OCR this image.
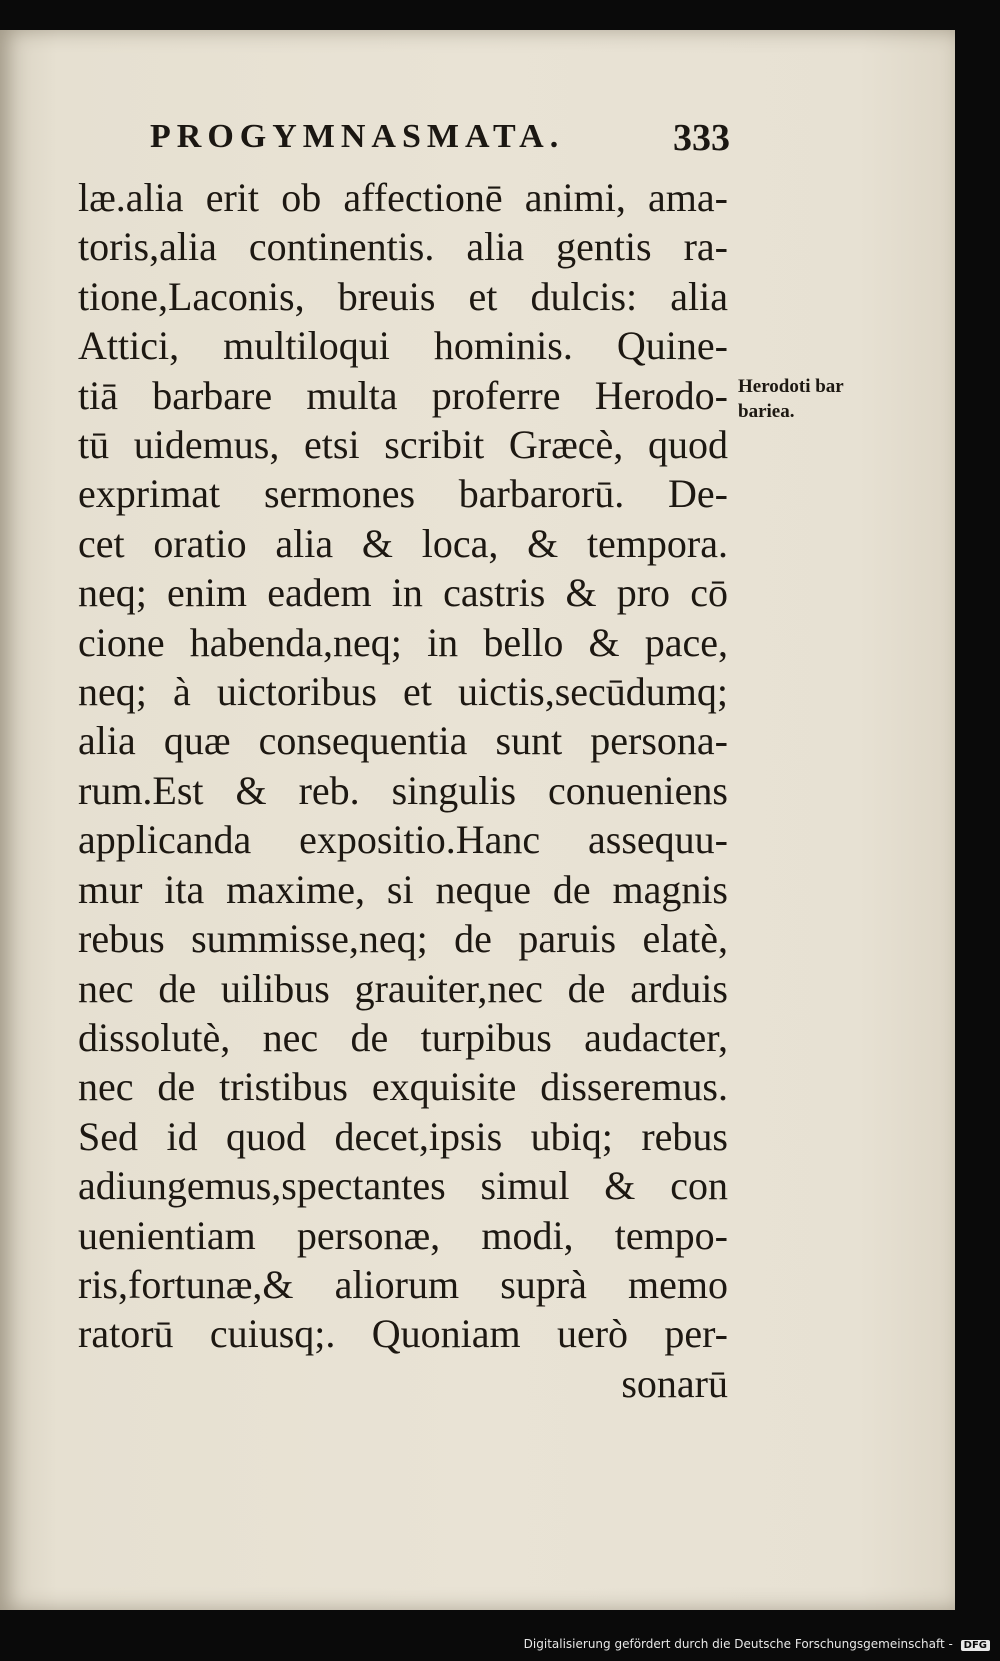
PROGYMNASMATA.	333
læ.alia erit ob affectionē animi, ama-
toris,alia continentis. alia gentis ra-
tione,Laconis, breuis et dulcis: alia
Attici, multiloqui hominis. Quine-
tiā barbare multa proferre Herodo-
tū uidemus, etsi scribit Græcè, quod
exprimat sermones barbarorū. De-
cet oratio alia & loca, & tempora.
neq; enim eadem in castris & pro cō
cione habenda,neq; in bello & pace,
neq; à uictoribus et uictis,secūdumq;
alia quæ consequentia sunt persona-
rum.Est & reb. singulis conueniens
applicanda expositio.Hanc assequu-
mur ita maxime, si neque de magnis
rebus summisse,neq; de paruis elatè,
nec de uilibus grauiter,nec de arduis
dissolutè, nec de turpibus audacter,
nec de tristibus exquisite disseremus.
Sed id quod decet,ipsis ubiq; rebus
adiungemus,spectantes simul & con
uenientiam personæ, modi, tempo-
ris,fortunæ,& aliorum suprà memo
ratorū cuiusq;. Quoniam uerò per-
sonarū
Herodoti bar
bariea.
Digitalisierung gefördert durch die Deutsche Forschungsgemeinschaft - DFG
